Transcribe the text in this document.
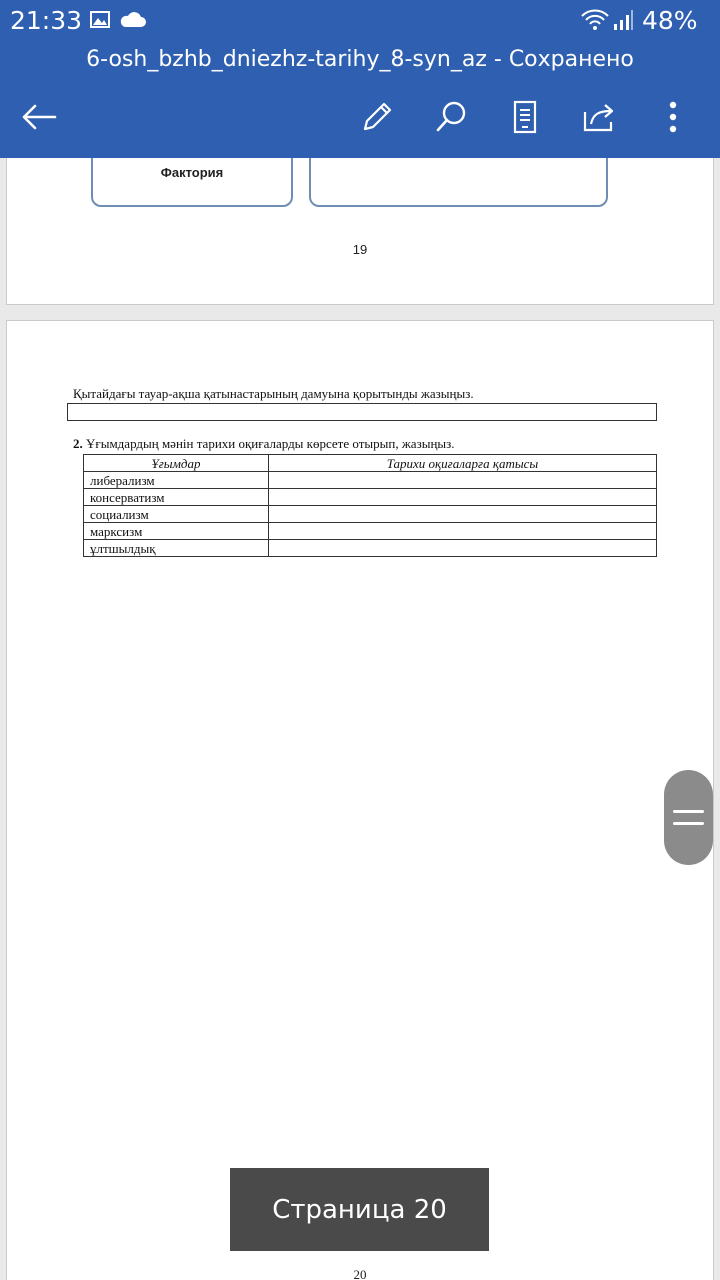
21:33	48%
6-osh_bzhb_dniezhz-tarihy_8-syn_az - Сохранено
Фактория
19
Қытайдағы тауар-ақша қатынастарының дамуына қорытынды жазыңыз.
2. Ұғымдардың мәнін тарихи оқиғаларды көрсете отырып, жазыңыз.
Ұғымдар	Тарихи оқиғаларға қатысы
либерализм	
консерватизм	
социализм	
марксизм	
ұлтшылдық	
20
Страница 20
